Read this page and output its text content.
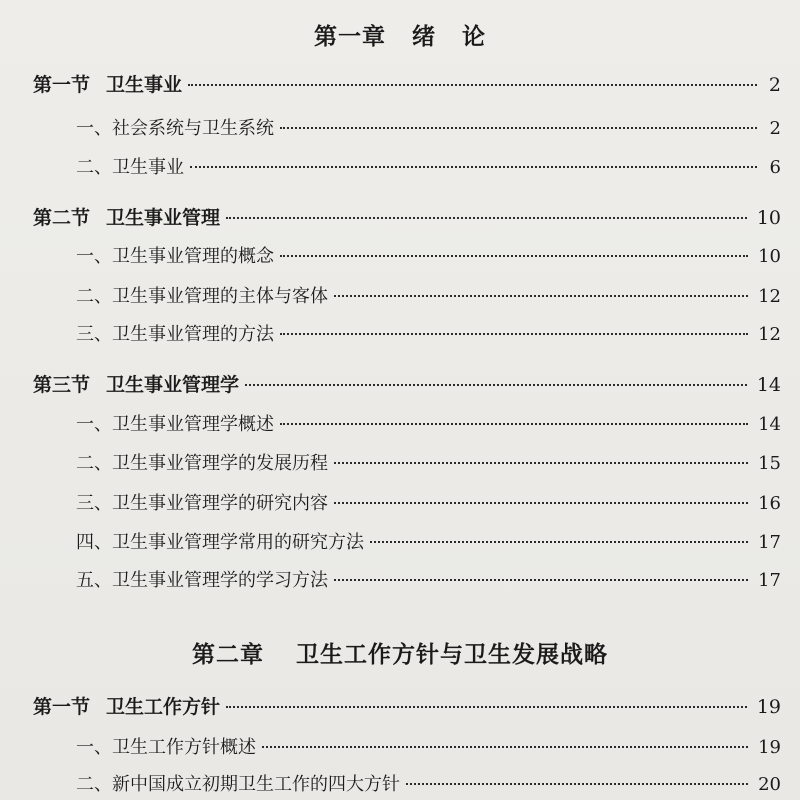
第一章 绪 论
第一节 卫生事业	2
一、社会系统与卫生系统	2
二、卫生事业	6
第二节 卫生事业管理	10
一、卫生事业管理的概念	10
二、卫生事业管理的主体与客体	12
三、卫生事业管理的方法	12
第三节 卫生事业管理学	14
一、卫生事业管理学概述	14
二、卫生事业管理学的发展历程	15
三、卫生事业管理学的研究内容	16
四、卫生事业管理学常用的研究方法	17
五、卫生事业管理学的学习方法	17
第二章 卫生工作方针与卫生发展战略
第一节 卫生工作方针	19
一、卫生工作方针概述	19
二、新中国成立初期卫生工作的四大方针	20
